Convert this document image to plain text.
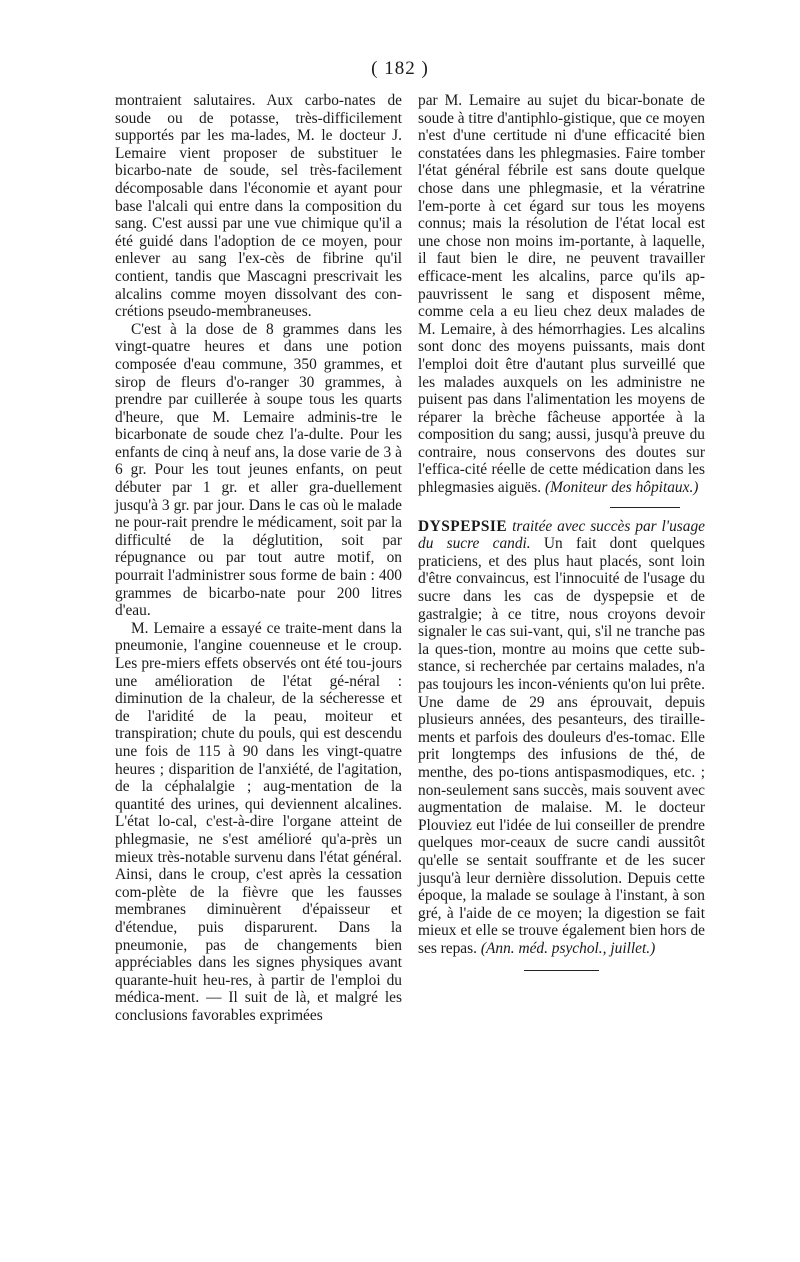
( 182 )

montraient salutaires. Aux carbo-nates de soude ou de potasse, très-difficilement supportés par les ma-lades, M. le docteur J. Lemaire vient proposer de substituer le bicarbo-nate de soude, sel très-facilement décomposable dans l'économie et ayant pour base l'alcali qui entre dans la composition du sang. C'est aussi par une vue chimique qu'il a été guidé dans l'adoption de ce moyen, pour enlever au sang l'ex-cès de fibrine qu'il contient, tandis que Mascagni prescrivait les alcalins comme moyen dissolvant des con-crétions pseudo-membraneuses.

C'est à la dose de 8 grammes dans les vingt-quatre heures et dans une potion composée d'eau commune, 350 grammes, et sirop de fleurs d'o-ranger 30 grammes, à prendre par cuillerée à soupe tous les quarts d'heure, que M. Lemaire adminis-tre le bicarbonate de soude chez l'a-dulte. Pour les enfants de cinq à neuf ans, la dose varie de 3 à 6 gr. Pour les tout jeunes enfants, on peut débuter par 1 gr. et aller gra-duellement jusqu'à 3 gr. par jour. Dans le cas où le malade ne pour-rait prendre le médicament, soit par la difficulté de la déglutition, soit par répugnance ou par tout autre motif, on pourrait l'administrer sous forme de bain : 400 grammes de bicarbo-nate pour 200 litres d'eau.

M. Lemaire a essayé ce traite-ment dans la pneumonie, l'angine couenneuse et le croup. Les pre-miers effets observés ont été tou-jours une amélioration de l'état gé-néral : diminution de la chaleur, de la sécheresse et de l'aridité de la peau, moiteur et transpiration; chute du pouls, qui est descendu une fois de 115 à 90 dans les vingt-quatre heures ; disparition de l'anxiété, de l'agitation, de la céphalalgie ; aug-mentation de la quantité des urines, qui deviennent alcalines. L'état lo-cal, c'est-à-dire l'organe atteint de phlegmasie, ne s'est amélioré qu'a-près un mieux très-notable survenu dans l'état général. Ainsi, dans le croup, c'est après la cessation com-plète de la fièvre que les fausses membranes diminuèrent d'épaisseur et d'étendue, puis disparurent. Dans la pneumonie, pas de changements bien appréciables dans les signes physiques avant quarante-huit heu-res, à partir de l'emploi du médica-ment. — Il suit de là, et malgré les conclusions favorables exprimées

par M. Lemaire au sujet du bicar-bonate de soude à titre d'antiphlo-gistique, que ce moyen n'est d'une certitude ni d'une efficacité bien constatées dans les phlegmasies. Faire tomber l'état général fébrile est sans doute quelque chose dans une phlegmasie, et la vératrine l'em-porte à cet égard sur tous les moyens connus; mais la résolution de l'état local est une chose non moins im-portante, à laquelle, il faut bien le dire, ne peuvent travailler efficace-ment les alcalins, parce qu'ils ap-pauvrissent le sang et disposent même, comme cela a eu lieu chez deux malades de M. Lemaire, à des hémorrhagies. Les alcalins sont donc des moyens puissants, mais dont l'emploi doit être d'autant plus surveillé que les malades auxquels on les administre ne puisent pas dans l'alimentation les moyens de réparer la brèche fâcheuse apportée à la composition du sang; aussi, jusqu'à preuve du contraire, nous conservons des doutes sur l'effica-cité réelle de cette médication dans les phlegmasies aiguës. (Moniteur des hôpitaux.)

DYSPEPSIE traitée avec succès par l'usage du sucre candi. Un fait dont quelques praticiens, et des plus haut placés, sont loin d'être convaincus, est l'innocuité de l'usage du sucre dans les cas de dyspepsie et de gastralgie; à ce titre, nous croyons devoir signaler le cas sui-vant, qui, s'il ne tranche pas la ques-tion, montre au moins que cette sub-stance, si recherchée par certains malades, n'a pas toujours les incon-vénients qu'on lui prête. Une dame de 29 ans éprouvait, depuis plusieurs années, des pesanteurs, des tiraille-ments et parfois des douleurs d'es-tomac. Elle prit longtemps des infusions de thé, de menthe, des po-tions antispasmodiques, etc. ; non-seulement sans succès, mais souvent avec augmentation de malaise. M. le docteur Plouviez eut l'idée de lui conseiller de prendre quelques mor-ceaux de sucre candi aussitôt qu'elle se sentait souffrante et de les sucer jusqu'à leur dernière dissolution. Depuis cette époque, la malade se soulage à l'instant, à son gré, à l'aide de ce moyen; la digestion se fait mieux et elle se trouve également bien hors de ses repas. (Ann. méd. psychol., juillet.)
